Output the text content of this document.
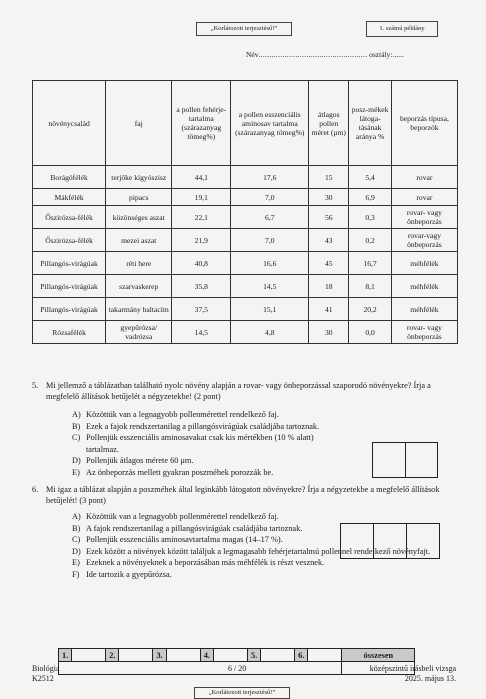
„Korlátozott terjesztésű!”	1. számú példány
Név.................................................. osztály:......
növénycsalád	faj	a pollen fehérje-tartalma (szárazanyag tömeg%)	a pollen esszenciális aminosav tartalma (szárazanyag tömeg%)	átlagos pollen méret (μm)	posz-mékek látoga-tásának aránya %	beporzás típusa, beporzók
Borágófélék	terjőke kígyószisz	44,1	17,6	15	5,4	rovar
Mákfélék	pipacs	19,1	7,0	30	6,9	rovar
Őszirózsa-félék	közönséges aszat	22,1	6,7	56	0,3	rovar- vagy önbeporzás
Őszirózsa-félék	mezei aszat	21,9	7,0	43	0,2	rovar-vagy önbeporzás
Pillangós-virágúak	réti here	40,8	16,6	45	16,7	méhfélék
Pillangós-virágúak	szarvaskerep	35,8	14,5	18	8,1	méhfélék
Pillangós-virágúak	takarmány baltacím	37,5	15,1	41	20,2	méhfélék
Rózsafélék	gyepűrózsa/ vadrózsa	14,5	4,8	30	0,0	rovar- vagy önbeporzás
5. Mi jellemző a táblázatban található nyolc növény alapján a rovar- vagy önbeporzással szaporodó növényekre? Írja a megfelelő állítások betűjelét a négyzetekbe! (2 pont)
A) Közöttük van a legnagyobb pollenmérettel rendelkező faj.
B) Ezek a fajok rendszertanilag a pillangósvirágúak családjába tartoznak.
C) Pollenjük esszenciális aminosavakat csak kis mértékben (10 % alatt) tartalmaz.
D) Pollenjük átlagos mérete 60 μm.
E) Az önbeporzás mellett gyakran poszméhek porozzák be.
6. Mi igaz a táblázat alapján a poszméhek által leginkább látogatott növényekre? Írja a négyzetekbe a megfelelő állítások betűjelét! (3 pont)
A) Közöttük van a legnagyobb pollenmérettel rendelkező faj.
B) A fajok rendszertanilag a pillangósvirágúak családjába tartoznak.
C) Pollenjük esszenciális aminosavtartalma magas (14–17 %).
D) Ezek között a növények között találjuk a legmagasabb fehérjetartalmú pollennel rendelkező növényfajt.
E) Ezeknek a növényeknek a beporzásában más méhfélék is részt vesznek.
F) Ide tartozik a gyepűrózsa.
1.		2.		3.		4.		5.		6.		összesen

Biológia
K2512
6 / 20	középszintű írásbeli vizsga
2025. május 13.
„Korlátozott terjesztésű!”
